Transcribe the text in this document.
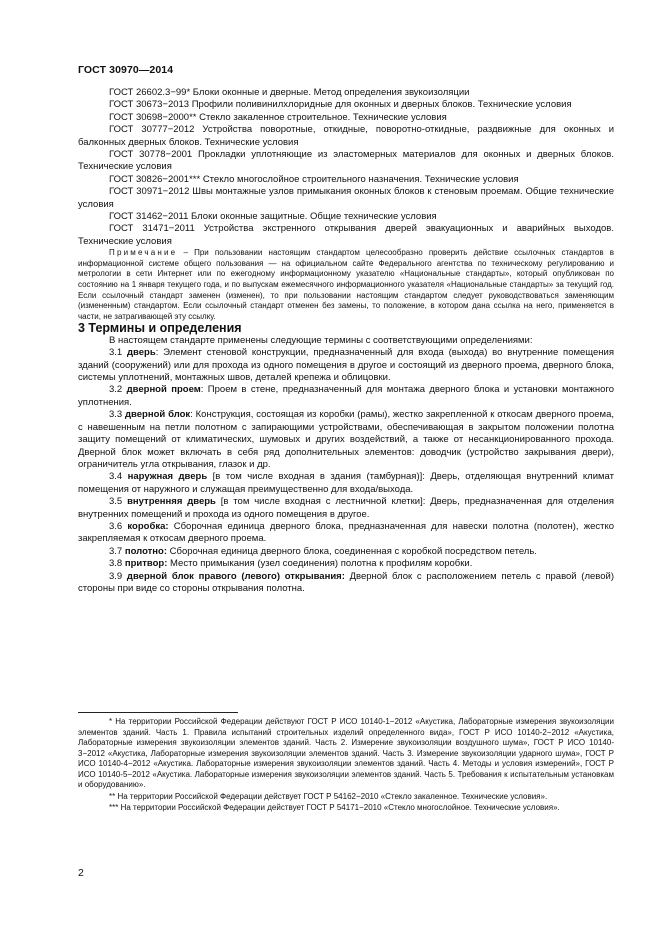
ГОСТ 30970—2014

ГОСТ 26602.3−99* Блоки оконные и дверные. Метод определения звукоизоляции

ГОСТ 30673−2013 Профили поливинилхлоридные для оконных и дверных блоков. Технические условия

ГОСТ 30698−2000** Стекло закаленное строительное. Технические условия

ГОСТ 30777−2012 Устройства поворотные, откидные, поворотно-откидные, раздвижные для оконных и балконных дверных блоков. Технические условия

ГОСТ 30778−2001 Прокладки уплотняющие из эластомерных материалов для оконных и дверных блоков. Технические условия

ГОСТ 30826−2001*** Стекло многослойное строительного назначения. Технические условия

ГОСТ 30971−2012 Швы монтажные узлов примыкания оконных блоков к стеновым проемам. Общие технические условия

ГОСТ 31462−2011 Блоки оконные защитные. Общие технические условия

ГОСТ 31471−2011 Устройства экстренного открывания дверей эвакуационных и аварийных выходов. Технические условия

Примечание – При пользовании настоящим стандартом целесообразно проверить действие ссылочных стандартов в информационной системе общего пользования — на официальном сайте Федерального агентства по техническому регулированию и метрологии в сети Интернет или по ежегодному информационному указателю «Национальные стандарты», который опубликован по состоянию на 1 января текущего года, и по выпускам ежемесячного информационного указателя «Национальные стандарты» за текущий год. Если ссылочный стандарт заменен (изменен), то при пользовании настоящим стандартом следует руководствоваться заменяющим (измененным) стандартом. Если ссылочный стандарт отменен без замены, то положение, в котором дана ссылка на него, применяется в части, не затрагивающей эту ссылку.

3 Термины и определения

В настоящем стандарте применены следующие термины с соответствующими определениями:

3.1 дверь: Элемент стеновой конструкции, предназначенный для входа (выхода) во внутренние помещения зданий (сооружений) или для прохода из одного помещения в другое и состоящий из дверного проема, дверного блока, системы уплотнений, монтажных швов, деталей крепежа и облицовки.

3.2 дверной проем: Проем в стене, предназначенный для монтажа дверного блока и установки монтажного уплотнения.

3.3 дверной блок: Конструкция, состоящая из коробки (рамы), жестко закрепленной к откосам дверного проема, с навешенным на петли полотном с запирающими устройствами, обеспечивающая в закрытом положении полотна защиту помещений от климатических, шумовых и других воздействий, а также от несанкционированного прохода. Дверной блок может включать в себя ряд дополнительных элементов: доводчик (устройство закрывания двери), ограничитель угла открывания, глазок и др.

3.4 наружная дверь [в том числе входная в здания (тамбурная)]: Дверь, отделяющая внутренний климат помещения от наружного и служащая преимущественно для входа/выхода.

3.5 внутренняя дверь [в том числе входная с лестничной клетки]: Дверь, предназначенная для отделения внутренних помещений и прохода из одного помещения в другое.

3.6 коробка: Сборочная единица дверного блока, предназначенная для навески полотна (полотен), жестко закрепляемая к откосам дверного проема.

3.7 полотно: Сборочная единица дверного блока, соединенная с коробкой посредством петель.

3.8 притвор: Место примыкания (узел соединения) полотна к профилям коробки.

3.9 дверной блок правого (левого) открывания: Дверной блок с расположением петель с правой (левой) стороны при виде со стороны открывания полотна.

* На территории Российской Федерации действуют ГОСТ Р ИСО 10140-1−2012 «Акустика, Лабораторные измерения звукоизоляции элементов зданий. Часть 1. Правила испытаний строительных изделий определенного вида», ГОСТ Р ИСО 10140-2−2012 «Акустика, Лабораторные измерения звукоизоляции элементов зданий. Часть 2. Измерение звукоизоляции воздушного шума», ГОСТ Р ИСО 10140-3−2012 «Акустика, Лабораторные измерения звукоизоляции элементов зданий. Часть 3. Измерение звукоизоляции ударного шума», ГОСТ Р ИСО 10140-4−2012 «Акустика. Лабораторные измерения звукоизоляции элементов зданий. Часть 4. Методы и условия измерений», ГОСТ Р ИСО 10140-5−2012 «Акустика. Лабораторные измерения звукоизоляции элементов зданий. Часть 5. Требования к испытательным установкам и оборудованию».

** На территории Российской Федерации действует ГОСТ Р 54162−2010 «Стекло закаленное. Технические условия».

*** На территории Российской Федерации действует ГОСТ Р 54171−2010 «Стекло многослойное. Технические условия».

2
